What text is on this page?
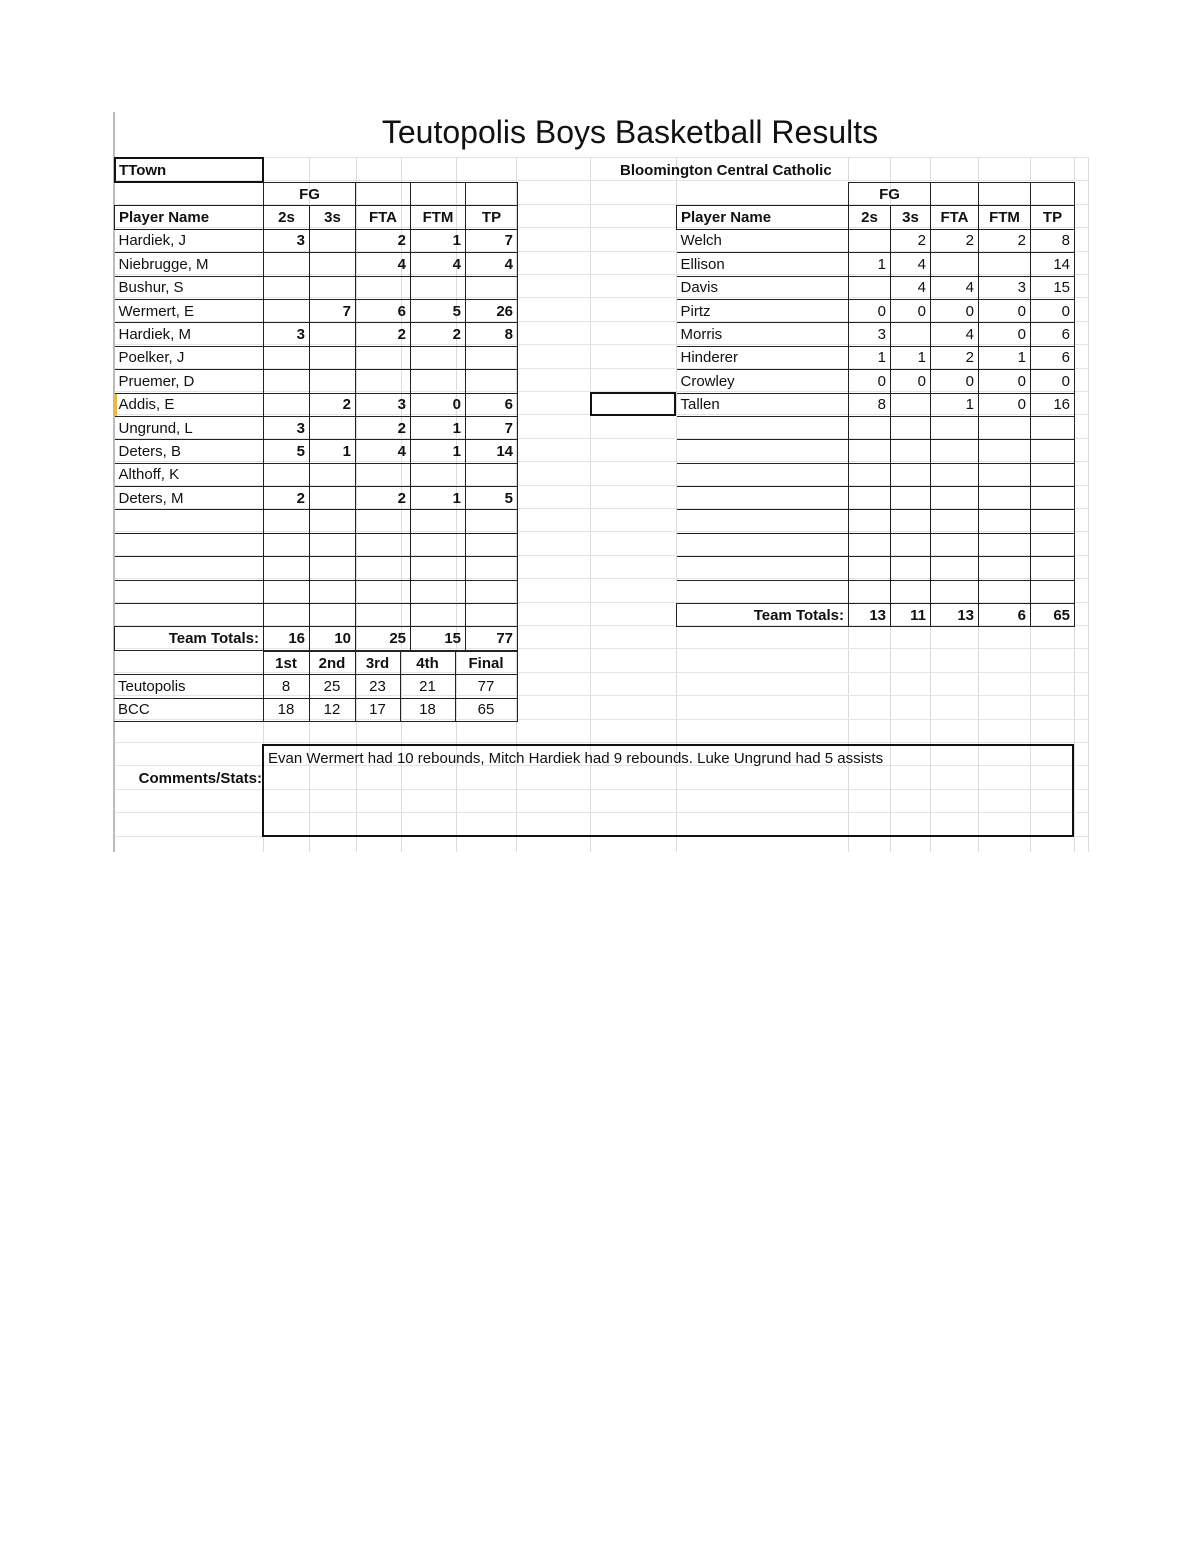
Teutopolis Boys Basketball Results
TTown
	FG				
Player Name	2s	3s	FTA	FTM	TP
Hardiek, J	3		2	1	7
Niebrugge, M			4	4	4
Bushur, S					
Wermert, E		7	6	5	26
Hardiek, M	3		2	2	8
Poelker, J					
Pruemer, D					
Addis, E		2	3	0	6
Ungrund, L	3		2	1	7
Deters, B	5	1	4	1	14
Althoff, K					
Deters, M	2		2	1	5

Team Totals:	16	10	25	15	77
Bloomington Central Catholic
	FG				
Player Name	2s	3s	FTA	FTM	TP
Welch		2	2	2	8
Ellison	1	4			14
Davis		4	4	3	15
Pirtz	0	0	0	0	0
Morris	3		4	0	6
Hinderer	1	1	2	1	6
Crowley	0	0	0	0	0
Tallen	8		1	0	16

Team Totals:	13	11	13	6	65
	1st	2nd	3rd	4th	Final
Teutopolis	8	25	23	21	77
BCC	18	12	17	18	65
Comments/Stats:
Evan Wermert had 10 rebounds, Mitch Hardiek had 9 rebounds. Luke Ungrund had 5 assists
